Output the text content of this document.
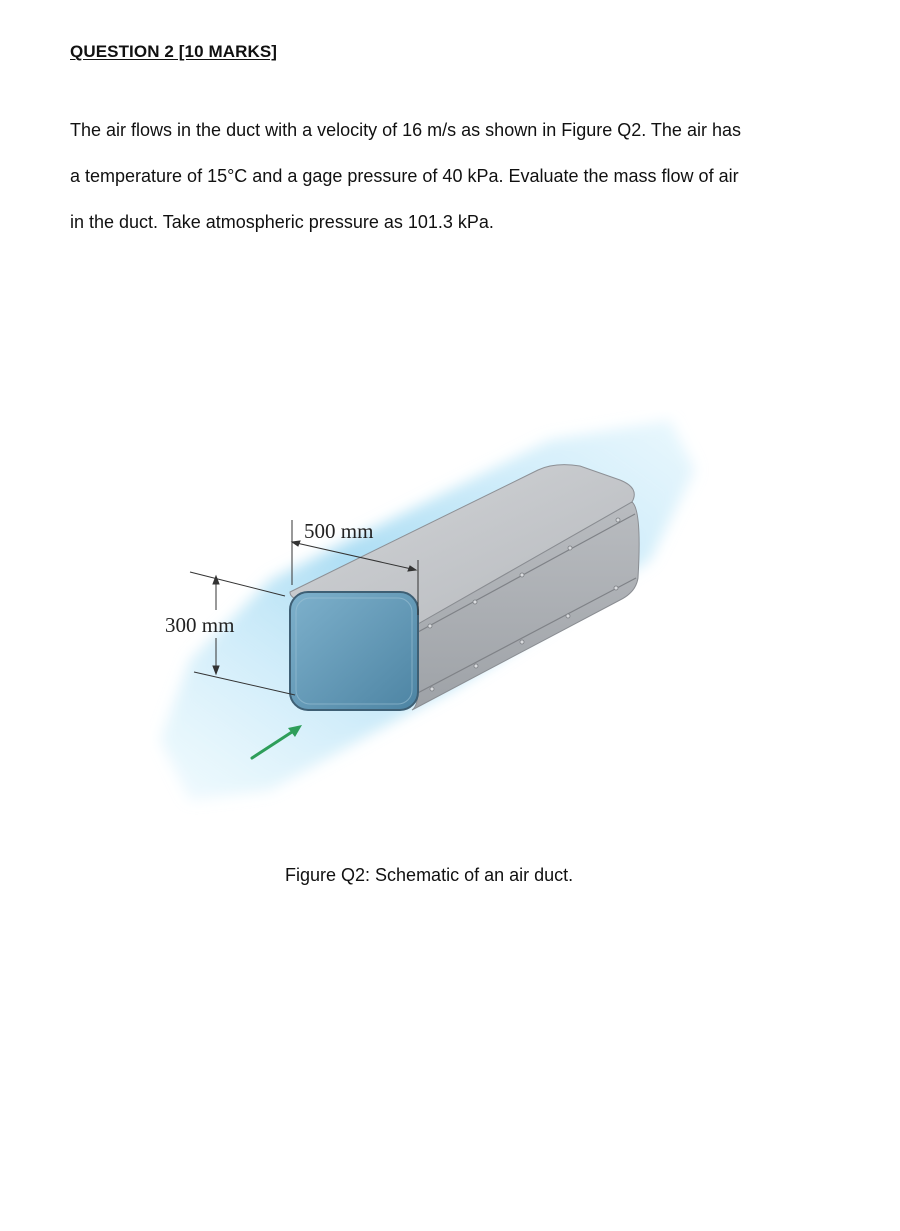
QUESTION 2 [10 MARKS]
The air flows in the duct with a velocity of 16 m/s as shown in Figure Q2. The air has
a temperature of 15°C and a gage pressure of 40 kPa. Evaluate the mass flow of air
in the duct. Take atmospheric pressure as 101.3 kPa.
500 mm
300 mm
Figure Q2: Schematic of an air duct.
